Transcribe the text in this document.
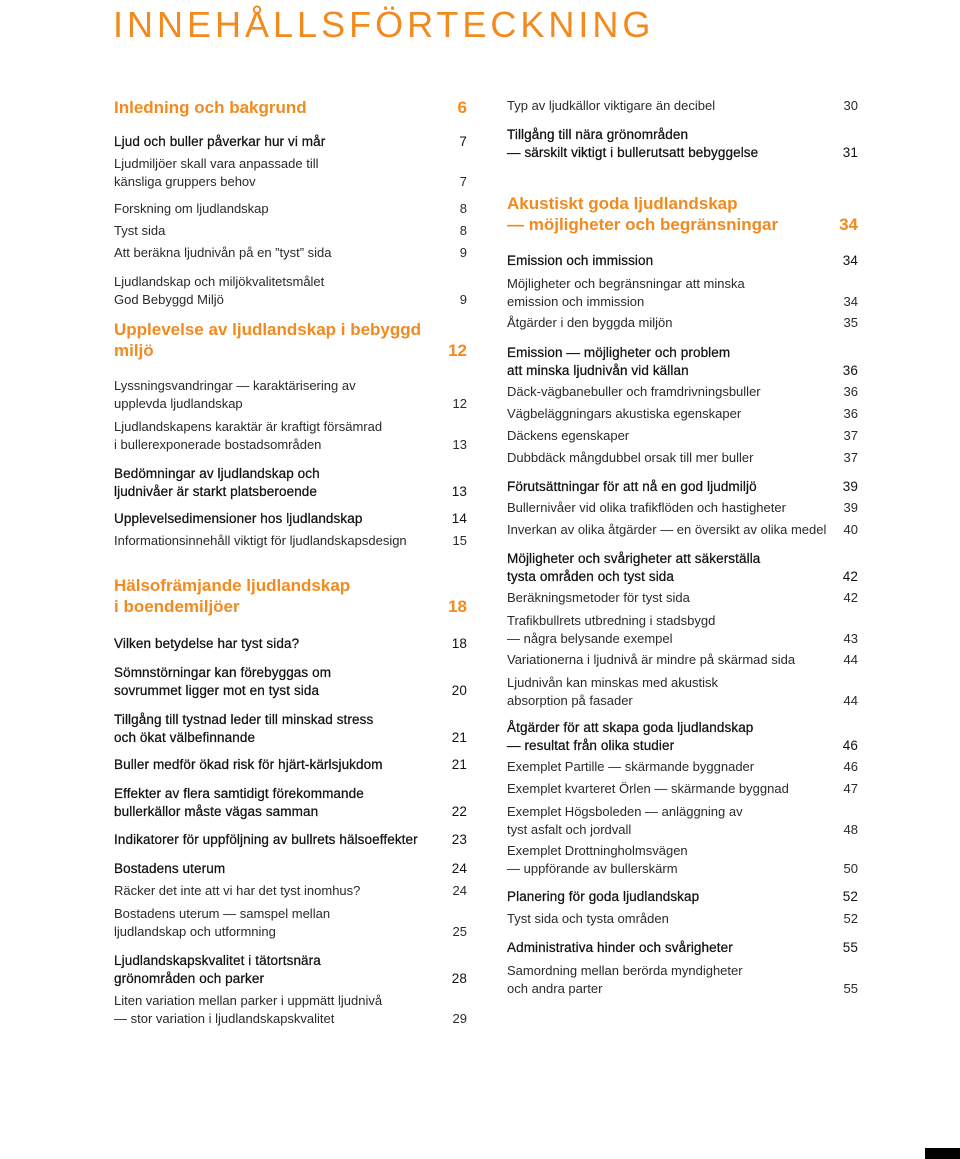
INNEHÅLLSFÖRTECKNING
Inledning och bakgrund	6
Ljud och buller påverkar hur vi mår	7
Ljudmiljöer skall vara anpassade till
känsliga gruppers behov	7
Forskning om ljudlandskap	8
Tyst sida	8
Att beräkna ljudnivån på en ”tyst” sida	9
Ljudlandskap och miljökvalitetsmålet
God Bebyggd Miljö	9
Upplevelse av ljudlandskap i bebyggd miljö	12
Lyssningsvandringar — karaktärisering av
upplevda ljudlandskap	12
Ljudlandskapens karaktär är kraftigt försämrad
i bullerexponerade bostadsområden	13
Bedömningar av ljudlandskap och
ljudnivåer är starkt platsberoende	13
Upplevelsedimensioner hos ljudlandskap	14
Informationsinnehåll viktigt för ljudlandskapsdesign	15
Hälsofrämjande ljudlandskap
i boendemiljöer	18
Vilken betydelse har tyst sida?	18
Sömnstörningar kan förebyggas om
sovrummet ligger mot en tyst sida	20
Tillgång till tystnad leder till minskad stress
och ökat välbefinnande	21
Buller medför ökad risk för hjärt-kärlsjukdom	21
Effekter av flera samtidigt förekommande
bullerkällor måste vägas samman	22
Indikatorer för uppföljning av bullrets hälsoeffekter	23
Bostadens uterum	24
Räcker det inte att vi har det tyst inomhus?	24
Bostadens uterum — samspel mellan
ljudlandskap och utformning	25
Ljudlandskapskvalitet i tätortsnära
grönområden och parker	28
Liten variation mellan parker i uppmätt ljudnivå
— stor variation i ljudlandskapskvalitet	29
Typ av ljudkällor viktigare än decibel	30
Tillgång till nära grönområden
— särskilt viktigt i bullerutsatt bebyggelse	31
Akustiskt goda ljudlandskap
— möjligheter och begränsningar	34
Emission och immission	34
Möjligheter och begränsningar att minska
emission och immission	34
Åtgärder i den byggda miljön	35
Emission — möjligheter och problem
att minska ljudnivån vid källan	36
Däck-vägbanebuller och framdrivningsbuller	36
Vägbeläggningars akustiska egenskaper	36
Däckens egenskaper	37
Dubbdäck mångdubbel orsak till mer buller	37
Förutsättningar för att nå en god ljudmiljö	39
Bullernivåer vid olika trafikflöden och hastigheter	39
Inverkan av olika åtgärder — en översikt av olika medel	40
Möjligheter och svårigheter att säkerställa
tysta områden och tyst sida	42
Beräkningsmetoder för tyst sida	42
Trafikbullrets utbredning i stadsbygd
— några belysande exempel	43
Variationerna i ljudnivå är mindre på skärmad sida	44
Ljudnivån kan minskas med akustisk
absorption på fasader	44
Åtgärder för att skapa goda ljudlandskap
— resultat från olika studier	46
Exemplet Partille — skärmande byggnader	46
Exemplet kvarteret Örlen — skärmande byggnad	47
Exemplet Högsboleden — anläggning av
tyst asfalt och jordvall	48
Exemplet Drottningholmsvägen
— uppförande av bullerskärm	50
Planering för goda ljudlandskap	52
Tyst sida och tysta områden	52
Administrativa hinder och svårigheter	55
Samordning mellan berörda myndigheter
och andra parter	55
